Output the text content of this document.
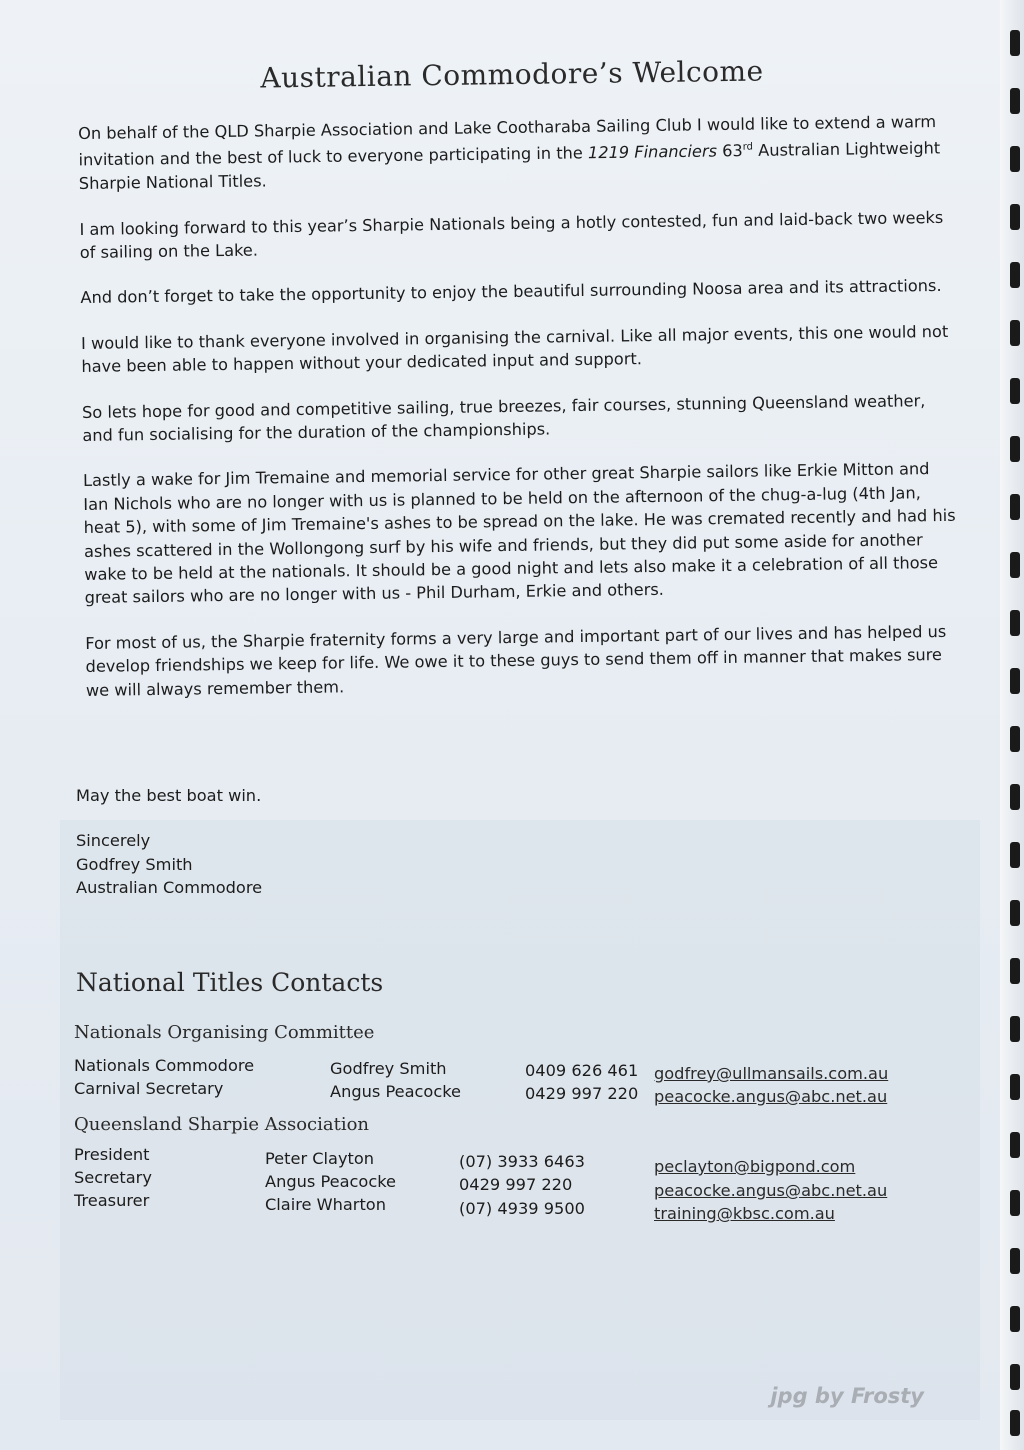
Australian Commodore’s Welcome

On behalf of the QLD Sharpie Association and Lake Cootharaba Sailing Club I would like to extend a warm invitation and the best of luck to everyone participating in the 1219 Financiers 63rd Australian Lightweight Sharpie National Titles.

I am looking forward to this year’s Sharpie Nationals being a hotly contested, fun and laid-back two weeks of sailing on the Lake.

And don’t forget to take the opportunity to enjoy the beautiful surrounding Noosa area and its attractions.

I would like to thank everyone involved in organising the carnival. Like all major events, this one would not have been able to happen without your dedicated input and support.

So lets hope for good and competitive sailing, true breezes, fair courses, stunning Queensland weather, and fun socialising for the duration of the championships.

Lastly a wake for Jim Tremaine and memorial service for other great Sharpie sailors like Erkie Mitton and Ian Nichols who are no longer with us is planned to be held on the afternoon of the chug-a-lug (4th Jan, heat 5), with some of Jim Tremaine's ashes to be spread on the lake. He was cremated recently and had his ashes scattered in the Wollongong surf by his wife and friends, but they did put some aside for another wake to be held at the nationals. It should be a good night and lets also make it a celebration of all those great sailors who are no longer with us - Phil Durham, Erkie and others.

For most of us, the Sharpie fraternity forms a very large and important part of our lives and has helped us develop friendships we keep for life. We owe it to these guys to send them off in manner that makes sure we will always remember them.

May the best boat win.
Sincerely
Godfrey Smith
Australian Commodore
National Titles Contacts
Nationals Organising Committee
Nationals Commodore	Godfrey Smith	0409 626 461 godfrey@ullmansails.com.au
Carnival Secretary	Angus Peacocke	0429 997 220 peacocke.angus@abc.net.au
Queensland Sharpie Association
President	Peter Clayton	(07) 3933 6463	peclayton@bigpond.com
Secretary	Angus Peacocke	0429 997 220	peacocke.angus@abc.net.au
Treasurer	Claire Wharton	(07) 4939 9500	training@kbsc.com.au
jpg by Frosty
